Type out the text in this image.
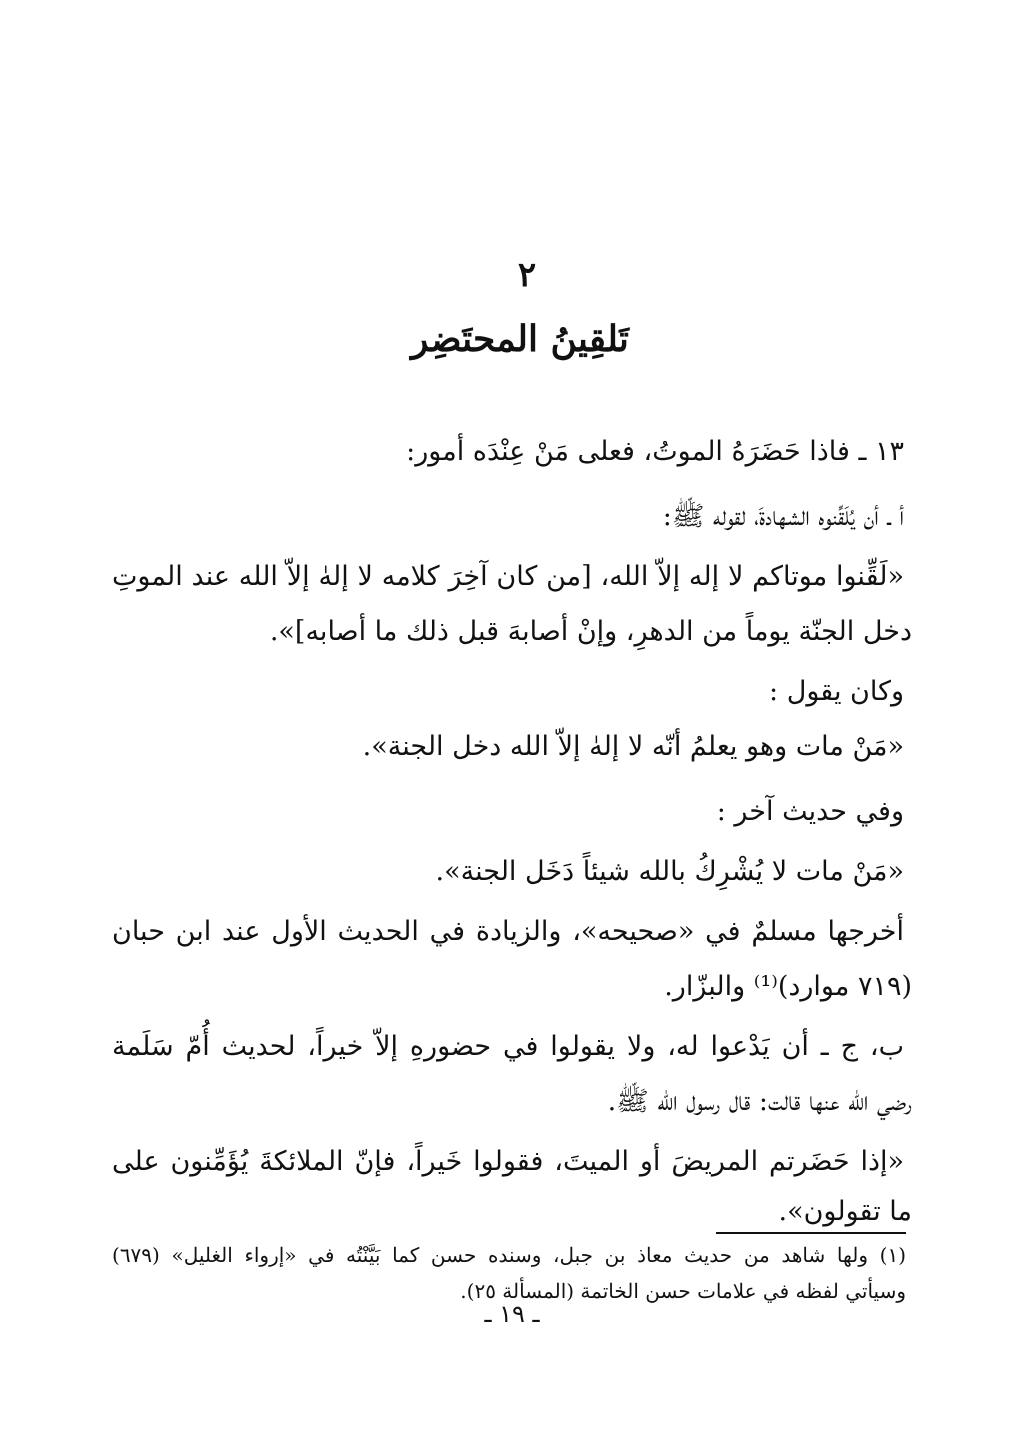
٢
تَلقِينُ المحتَضِر
١٣ ـ فاذا حَضَرَهُ الموتُ، فعلى مَنْ عِنْدَه أمور:
أ ـ أن يُلَقِّنوه الشهادةَ، لقوله ﷺ:
«لَقِّنوا موتاكم لا إله إلاّ الله، [من كان آخِرَ كلامه لا إلهٰ إلاّ الله عند الموتِ
دخل الجنّة يوماً من الدهرِ، وإنْ أصابهَ قبل ذلك ما أصابه]».
وكان يقول :
«مَنْ مات وهو يعلمُ أنّه لا إلهٰ إلاّ الله دخل الجنة».
وفي حديث آخر :
«مَنْ مات لا يُشْرِكُ بالله شيئاً دَخَل الجنة».
أخرجها مسلمٌ في «صحيحه»، والزيادة في الحديث الأول عند ابن حبان
(٧١٩ موارد)⁽¹⁾ والبزّار.
ب، ج ـ أن يَدْعوا له، ولا يقولوا في حضورهِ إلاّ خيراً، لحديث أُمّ سَلَمة
رضي الله عنها قالت: قال رسول الله ﷺ.
«إذا حَضَرتم المريضَ أو الميتَ، فقولوا خَيراً، فإنّ الملائكةَ يُؤَمِّنون على
ما تقولون».
(١) ولها شاهد من حديث معاذ بن جبل، وسنده حسن كما بَيَّنْتُه في «إرواء الغليل» (٦٧٩)
وسيأتي لفظه في علامات حسن الخاتمة (المسألة ٢٥).
ـ ١٩ ـ
